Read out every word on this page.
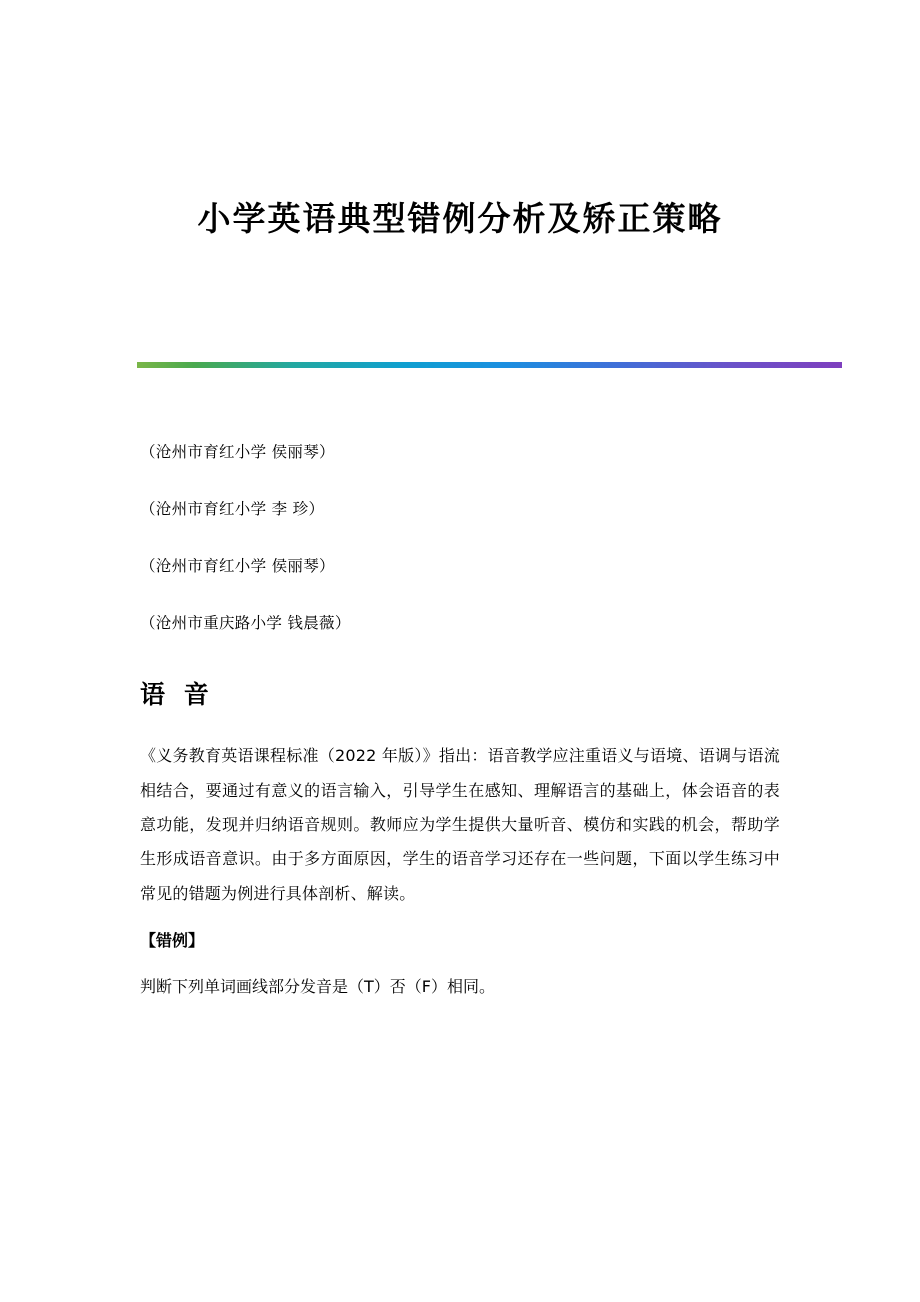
小学英语典型错例分析及矫正策略

（沧州市育红小学 侯丽琴）

（沧州市育红小学 李 珍）

（沧州市育红小学 侯丽琴）

（沧州市重庆路小学 钱晨薇）

语 音

《义务教育英语课程标准（2022 年版）》指出：语音教学应注重语义与语境、语调与语流相结合，要通过有意义的语言输入，引导学生在感知、理解语言的基础上，体会语音的表意功能，发现并归纳语音规则。教师应为学生提供大量听音、模仿和实践的机会，帮助学生形成语音意识。由于多方面原因，学生的语音学习还存在一些问题，下面以学生练习中常见的错题为例进行具体剖析、解读。

【错例】

判断下列单词画线部分发音是（T）否（F）相同。
